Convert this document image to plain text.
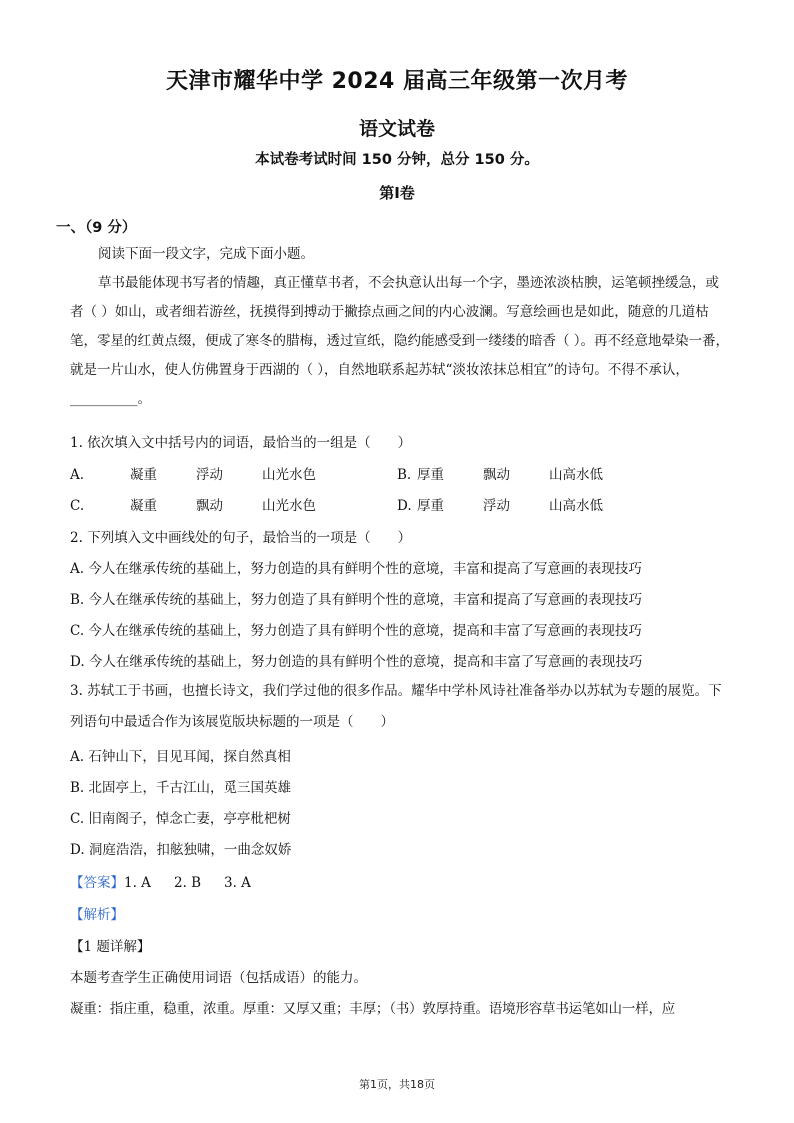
天津市耀华中学 2024 届高三年级第一次月考
语文试卷
本试卷考试时间 150 分钟，总分 150 分。
第Ⅰ卷
一、（9 分）

阅读下面一段文字，完成下面小题。

草书最能体现书写者的情趣，真正懂草书者，不会执意认出每一个字，墨迹浓淡枯腴，运笔顿挫缓急，或者（ ）如山，或者细若游丝，抚摸得到搏动于撇捺点画之间的内心波澜。写意绘画也是如此，随意的几道枯笔，零星的红黄点缀，便成了寒冬的腊梅，透过宣纸，隐约能感受到一缕缕的暗香（ ）。再不经意地晕染一番，就是一片山水，使人仿佛置身于西湖的（ ），自然地联系起苏轼“淡妆浓抹总相宜”的诗句。不得不承认，__________。

1. 依次填入文中括号内的词语，最恰当的一组是（　　）
A.	凝重	浮动	山光水色	B. 厚重	飘动	山高水低
C.	凝重	飘动	山光水色	D. 厚重	浮动	山高水低
2. 下列填入文中画线处的句子，最恰当的一项是（　　）
A. 今人在继承传统的基础上，努力创造的具有鲜明个性的意境，丰富和提高了写意画的表现技巧
B. 今人在继承传统的基础上，努力创造了具有鲜明个性的意境，丰富和提高了写意画的表现技巧
C. 今人在继承传统的基础上，努力创造了具有鲜明个性的意境，提高和丰富了写意画的表现技巧
D. 今人在继承传统的基础上，努力创造的具有鲜明个性的意境，提高和丰富了写意画的表现技巧
3. 苏轼工于书画，也擅长诗文，我们学过他的很多作品。耀华中学朴风诗社准备举办以苏轼为专题的展览。下列语句中最适合作为该展览版块标题的一项是（　　）
A. 石钟山下，目见耳闻，探自然真相
B. 北固亭上，千古江山，觅三国英雄
C. 旧南阁子，悼念亡妻，亭亭枇杷树
D. 洞庭浩浩，扣舷独啸，一曲念奴娇
【答案】1. A 2. B 3. A
【解析】
【1 题详解】
本题考查学生正确使用词语（包括成语）的能力。
凝重：指庄重，稳重，浓重。厚重：又厚又重；丰厚；（书）敦厚持重。语境形容草书运笔如山一样，应
第1页，共18页
